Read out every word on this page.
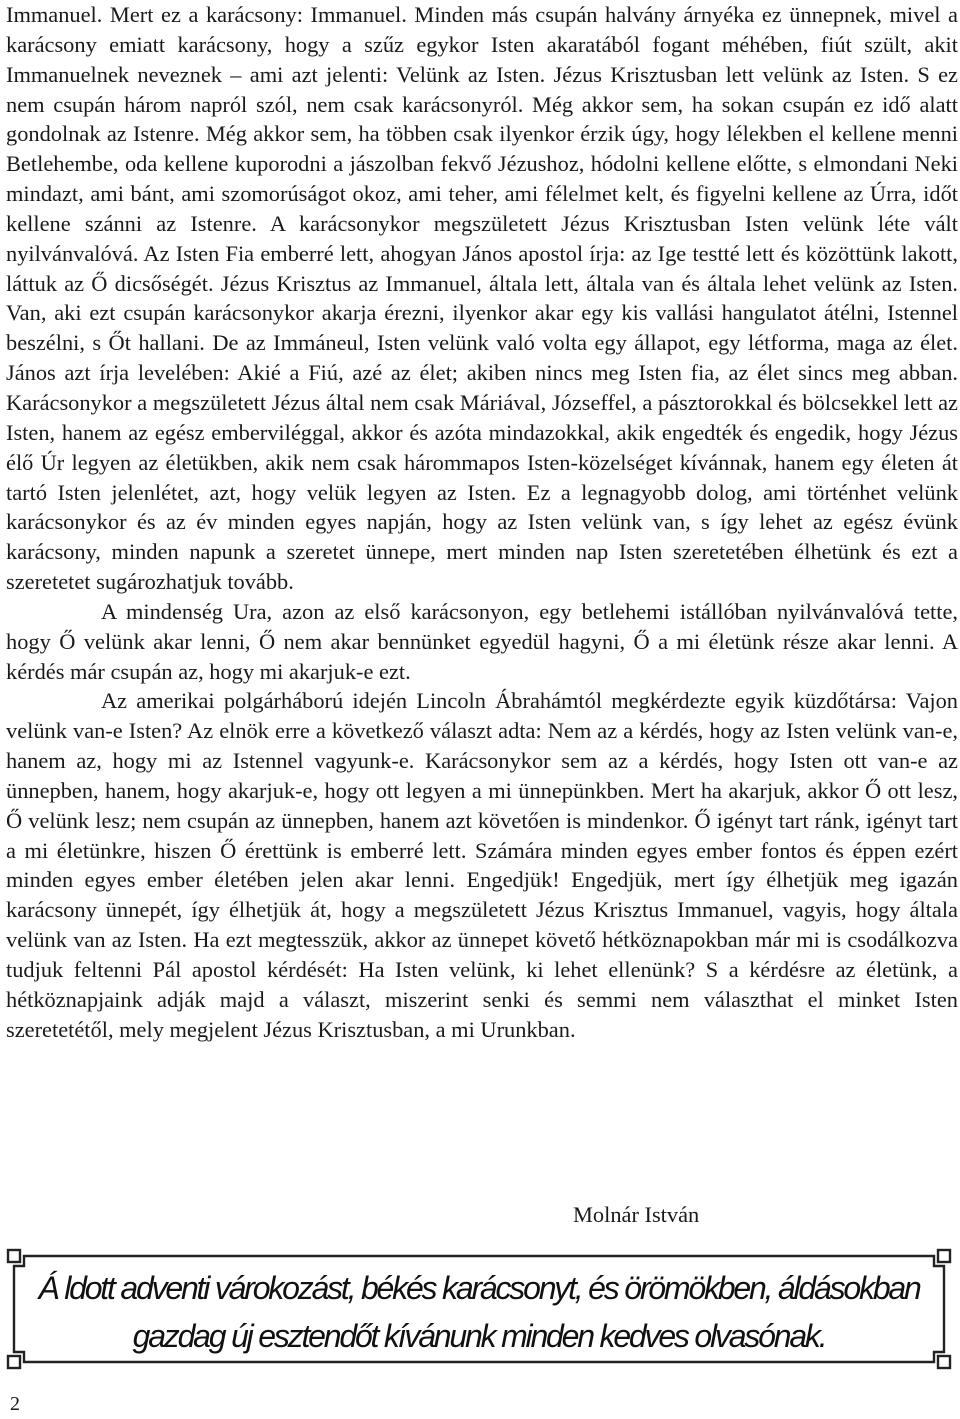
Immanuel. Mert ez a karácsony: Immanuel. Minden más csupán halvány árnyéka ez ünnepnek, mivel a karácsony emiatt karácsony, hogy a szűz egykor Isten akaratából fogant méhében, fiút szült, akit Immanuelnek neveznek – ami azt jelenti: Velünk az Isten. Jézus Krisztusban lett velünk az Isten. S ez nem csupán három napról szól, nem csak karácsonyról. Még akkor sem, ha sokan csupán ez idő alatt gondolnak az Istenre. Még akkor sem, ha többen csak ilyenkor érzik úgy, hogy lélekben el kellene menni Betlehembe, oda kellene kuporodni a jászolban fekvő Jézushoz, hódolni kellene előtte, s elmondani Neki mindazt, ami bánt, ami szomorúságot okoz, ami teher, ami félelmet kelt, és figyelni kellene az Úrra, időt kellene szánni az Istenre. A karácsonykor megszületett Jézus Krisztusban Isten velünk léte vált nyilvánvalóvá. Az Isten Fia emberré lett, ahogyan János apostol írja: az Ige testté lett és közöttünk lakott, láttuk az Ő dicsőségét. Jézus Krisztus az Immanuel, általa lett, általa van és általa lehet velünk az Isten. Van, aki ezt csupán karácsonykor akarja érezni, ilyenkor akar egy kis vallási hangulatot átélni, Istennel beszélni, s Őt hallani. De az Immáneul, Isten velünk való volta egy állapot, egy létforma, maga az élet. János azt írja levelében: Akié a Fiú, azé az élet; akiben nincs meg Isten fia, az élet sincs meg abban. Karácsonykor a megszületett Jézus által nem csak Máriával, Józseffel, a pásztorokkal és bölcsekkel lett az Isten, hanem az egész emberviléggal, akkor és azóta mindazokkal, akik engedték és engedik, hogy Jézus élő Úr legyen az életükben, akik nem csak hárommapos Isten-közelséget kívánnak, hanem egy életen át tartó Isten jelenlétet, azt, hogy velük legyen az Isten. Ez a legnagyobb dolog, ami történhet velünk karácsonykor és az év minden egyes napján, hogy az Isten velünk van, s így lehet az egész évünk karácsony, minden napunk a szeretet ünnepe, mert minden nap Isten szeretetében élhetünk és ezt a szeretetet sugározhatjuk tovább.

A mindenség Ura, azon az első karácsonyon, egy betlehemi istállóban nyilvánvalóvá tette, hogy Ő velünk akar lenni, Ő nem akar bennünket egyedül hagyni, Ő a mi életünk része akar lenni. A kérdés már csupán az, hogy mi akarjuk-e ezt.

Az amerikai polgárháború idején Lincoln Ábrahámtól megkérdezte egyik küzdőtársa: Vajon velünk van-e Isten? Az elnök erre a következő választ adta: Nem az a kérdés, hogy az Isten velünk van-e, hanem az, hogy mi az Istennel vagyunk-e. Karácsonykor sem az a kérdés, hogy Isten ott van-e az ünnepben, hanem, hogy akarjuk-e, hogy ott legyen a mi ünnepünkben. Mert ha akarjuk, akkor Ő ott lesz, Ő velünk lesz; nem csupán az ünnepben, hanem azt követően is mindenkor. Ő igényt tart ránk, igényt tart a mi életünkre, hiszen Ő érettünk is emberré lett. Számára minden egyes ember fontos és éppen ezért minden egyes ember életében jelen akar lenni. Engedjük! Engedjük, mert így élhetjük meg igazán karácsony ünnepét, így élhetjük át, hogy a megszületett Jézus Krisztus Immanuel, vagyis, hogy általa velünk van az Isten. Ha ezt megtesszük, akkor az ünnepet követő hétköznapokban már mi is csodálkozva tudjuk feltenni Pál apostol kérdését: Ha Isten velünk, ki lehet ellenünk? S a kérdésre az életünk, a hétköznapjaink adják majd a választ, miszerint senki és semmi nem választhat el minket Isten szeretetétől, mely megjelent Jézus Krisztusban, a mi Urunkban.

Molnár István
Á ldott adventi várokozást, békés karácsonyt, és örömökben, áldásokban
gazdag új esztendőt kívánunk minden kedves olvasónak.
2
